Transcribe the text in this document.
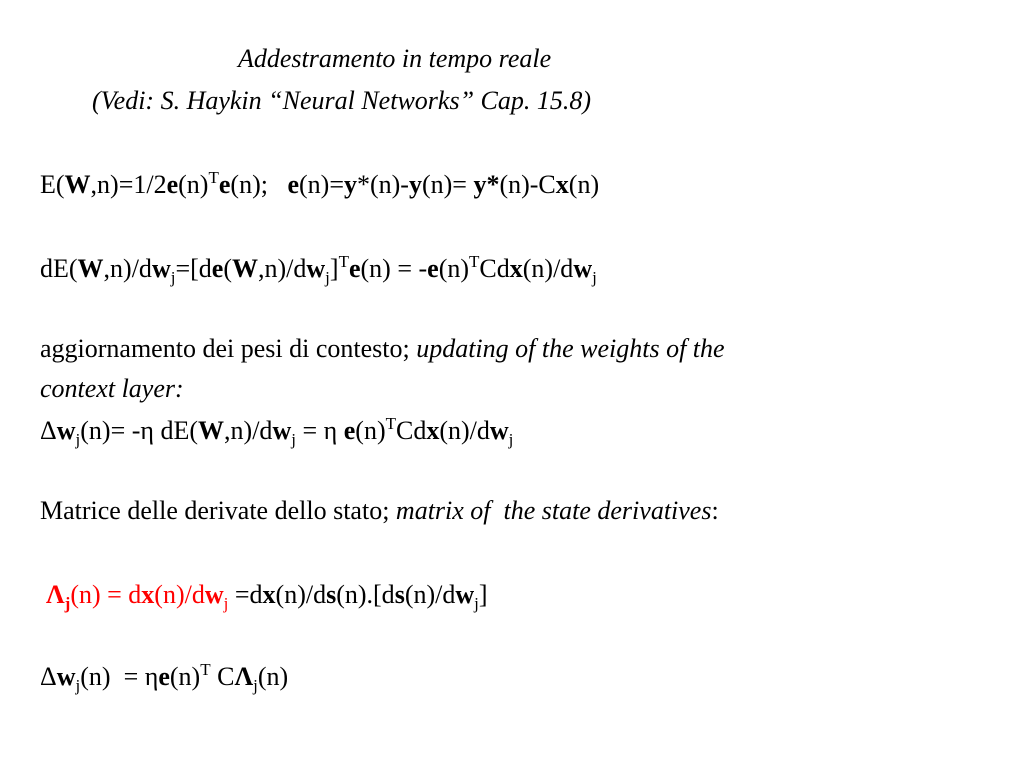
Addestramento in tempo reale
(Vedi: S. Haykin “Neural Networks” Cap. 15.8)
$E(W,n)=1/2e(n)^Te(n)$;   e(n)=y*(n)-y(n)= y*(n)-Cx(n)
$dE(W,n)/dw_j=[de(W,n)/dw_j]^Te(n) = -e(n)^TCdx(n)/dw_j$
aggiornamento dei pesi di contesto; updating of the weights of the
context layer:
$\Delta w_j(n)= -\eta$ $dE(W,n)/dw_j = \eta$ $e(n)^TCdx(n)/dw_j$
Matrice delle derivate dello stato; matrix of  the state derivatives:
$\Lambda_j(n) = dx(n)/dw_j =dx(n)/ds(n).[ds(n)/dw_j]$
$\Delta w_j(n) = \eta e(n)^T$ $C\Lambda_j(n)$
